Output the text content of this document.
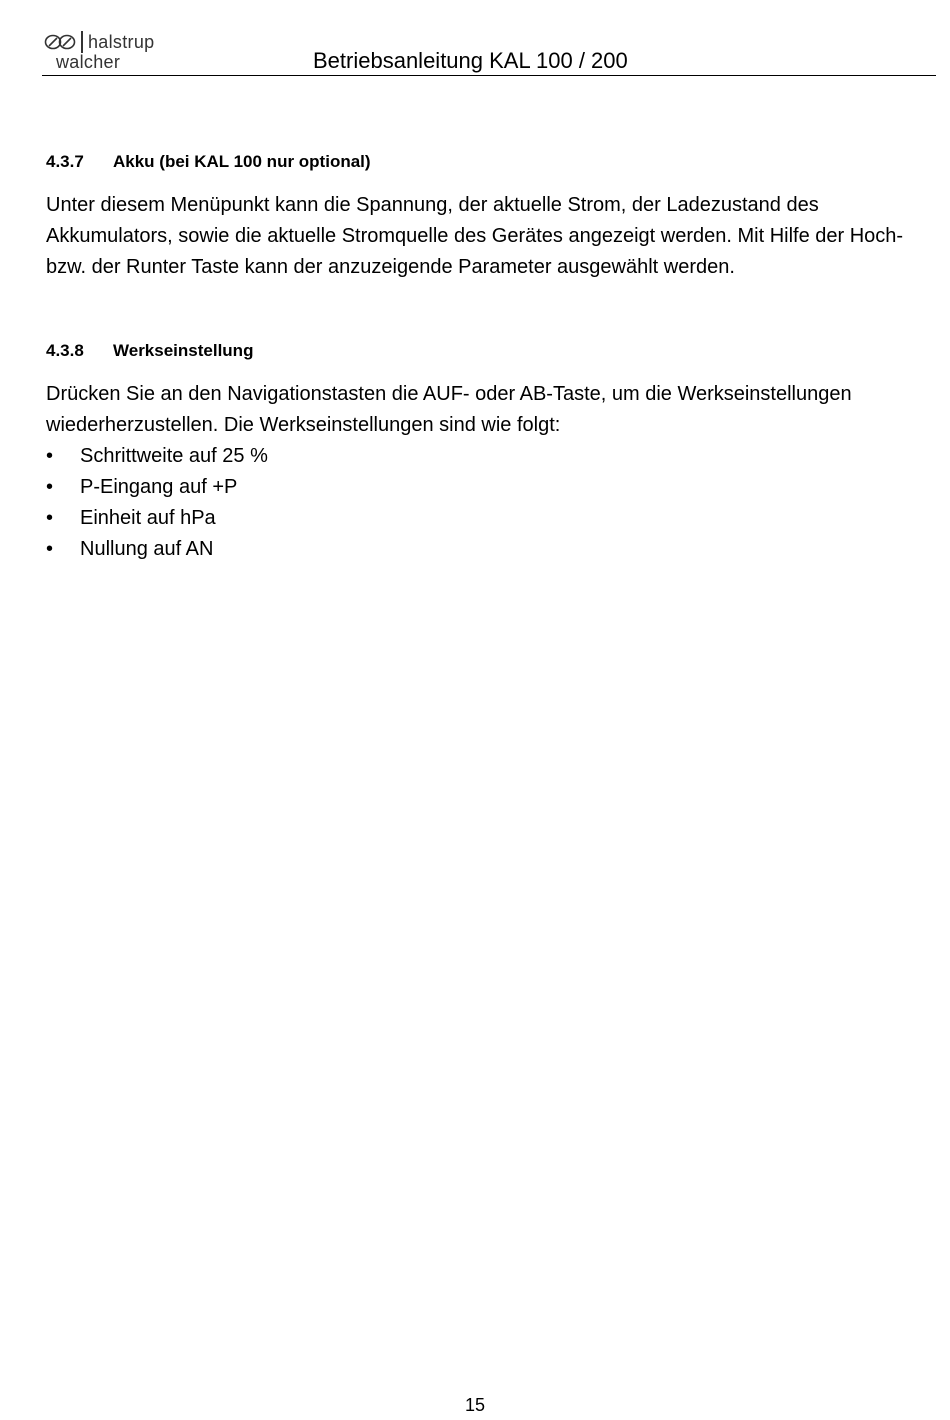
halstrup
walcher	Betriebsanleitung KAL 100 / 200
4.3.7 Akku (bei KAL 100 nur optional)

Unter diesem Menüpunkt kann die Spannung, der aktuelle Strom, der Ladezustand des Akkumulators, sowie die aktuelle Stromquelle des Gerätes angezeigt werden. Mit Hilfe der Hoch- bzw. der Runter Taste kann der anzuzeigende Parameter ausgewählt werden.

4.3.8 Werkseinstellung

Drücken Sie an den Navigationstasten die AUF- oder AB-Taste, um die Werkseinstellungen wiederherzustellen. Die Werkseinstellungen sind wie folgt:

• Schrittweite auf 25 %
• P-Eingang auf +P
• Einheit auf hPa
• Nullung auf AN
15
